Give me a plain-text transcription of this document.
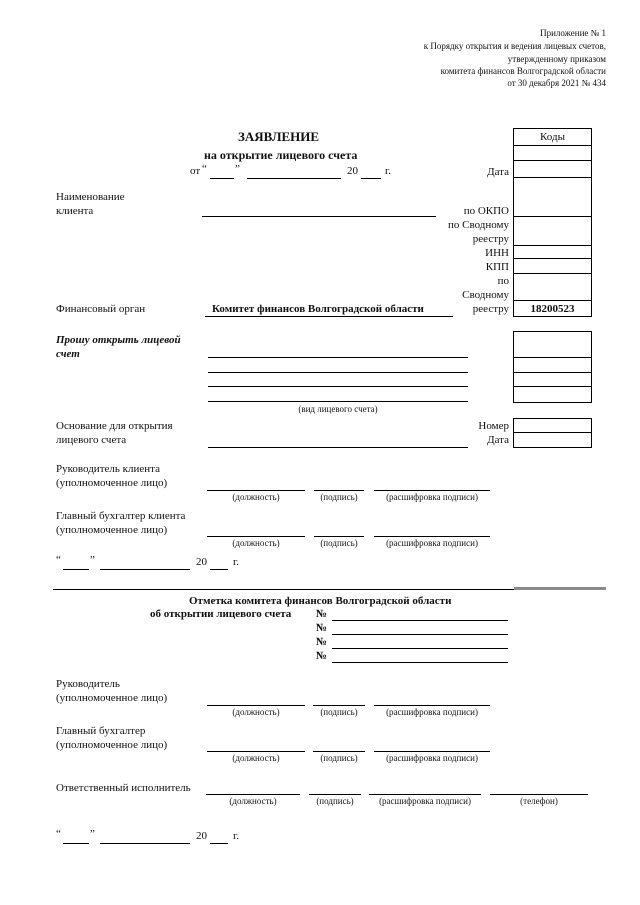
Приложение № 1
к Порядку открытия и ведения лицевых счетов,
утвержденному приказом
комитета финансов Волгоградской области
от 30 декабря 2021 № 434
ЗАЯВЛЕНИЕ
на открытие лицевого счета
от “	”	20 г.
Коды
Дата
по ОКПО
по Сводному
реестру
ИНН
КПП
по
Сводному
реестру	18200523
Наименование
клиента
Финансовый орган	Комитет финансов Волгоградской области
Прошу открыть лицевой
счет
(вид лицевого счета)
Основание для открытия
лицевого счета
Номер
Дата
Руководитель клиента
(уполномоченное лицо)
(должность)	(подпись)	(расшифровка подписи)
Главный бухгалтер клиента
(уполномоченное лицо)
(должность)	(подпись)	(расшифровка подписи)
“	”	20 г.
Отметка комитета финансов Волгоградской области
об открытии лицевого счета №
№
№
№
Руководитель
(уполномоченное лицо)
(должность)	(подпись)	(расшифровка подписи)
Главный бухгалтер
(уполномоченное лицо)
(должность)	(подпись)	(расшифровка подписи)
Ответственный исполнитель
(должность)	(подпись)	(расшифровка подписи)	(телефон)
“	”	20 г.
